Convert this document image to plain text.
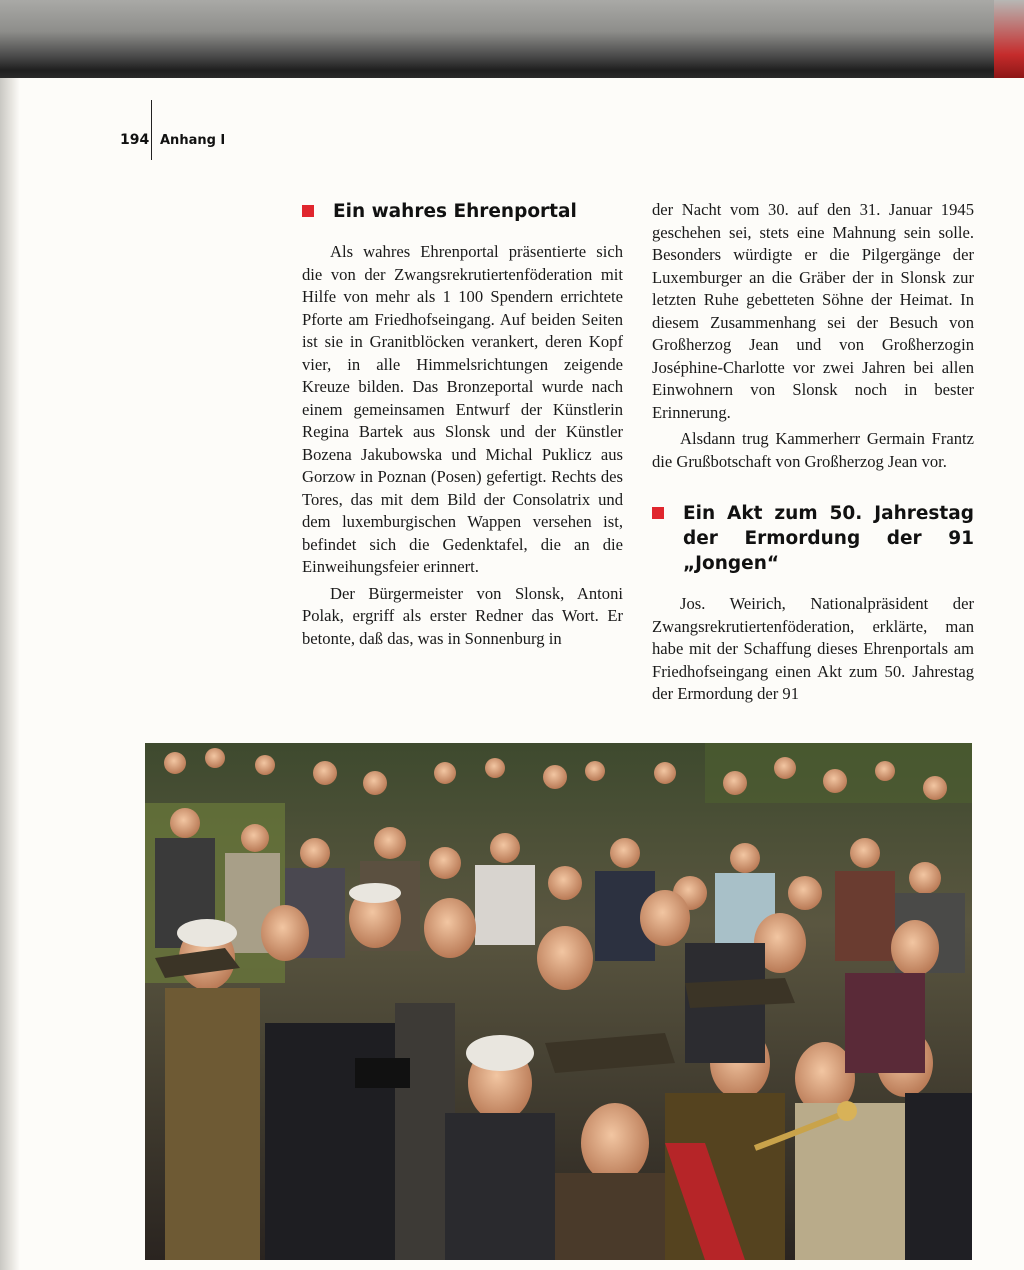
194 Anhang I
Ein wahres Ehrenportal

Als wahres Ehrenportal präsentierte sich die von der Zwangsrekrutiertenföderation mit Hilfe von mehr als 1 100 Spendern errichtete Pforte am Friedhofseingang. Auf beiden Seiten ist sie in Granitblöcken verankert, deren Kopf vier, in alle Himmelsrichtungen zeigende Kreuze bilden. Das Bronzeportal wurde nach einem gemeinsamen Entwurf der Künstlerin Regina Bartek aus Slonsk und der Künstler Bozena Jakubowska und Michal Puklicz aus Gorzow in Poznan (Posen) gefertigt. Rechts des Tores, das mit dem Bild der Consolatrix und dem luxemburgischen Wappen versehen ist, befindet sich die Gedenktafel, die an die Einweihungsfeier erinnert.

Der Bürgermeister von Slonsk, Antoni Polak, ergriff als erster Redner das Wort. Er betonte, daß das, was in Sonnenburg in

der Nacht vom 30. auf den 31. Januar 1945 geschehen sei, stets eine Mahnung sein solle. Besonders würdigte er die Pilgergänge der Luxemburger an die Gräber der in Slonsk zur letzten Ruhe gebetteten Söhne der Heimat. In diesem Zusammenhang sei der Besuch von Großherzog Jean und von Großherzogin Joséphine-Charlotte vor zwei Jahren bei allen Einwohnern von Slonsk noch in bester Erinnerung.

Alsdann trug Kammerherr Germain Frantz die Grußbotschaft von Großherzog Jean vor.

Ein Akt zum 50. Jahrestag der Ermordung der 91 „Jongen“

Jos. Weirich, Nationalpräsident der Zwangsrekrutiertenföderation, erklärte, man habe mit der Schaffung dieses Ehrenportals am Friedhofseingang einen Akt zum 50. Jahrestag der Ermordung der 91
